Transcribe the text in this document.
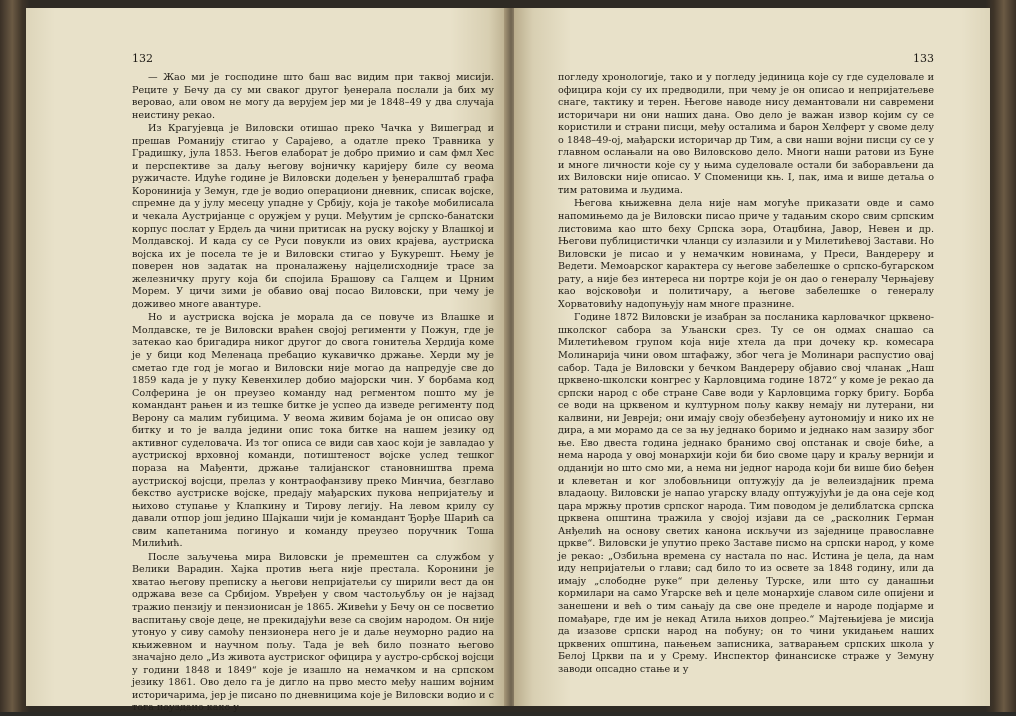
132

— Жао ми је господине што баш вас видим при таквој мисији. Реците у Бечу да су ми сваког другог ђенерала послали ја бих му веровао, али овом не могу да верујем јер ми је 1848–49 у два случаја неистину рекао.

Из Крагујевца је Виловски отишао преко Чачка у Вишеград и прешав Романију стигао у Сарајево, а одатле преко Травника у Градишку, јула 1853. Његов елаборат је добро примио и сам фмл Хес и перспективе за даљу његову војничку каријеру биле су веома ружичасте. Идуће године је Виловски додељен у ђенералштаб графа Коронинија у Земун, где је водио операциони дневник, списак војске, спремне да у јулу месецу упадне у Србију, која је такође мобилисала и чекала Аустријанце с оружјем у руци. Међутим је српско-банатски корпус послат у Ердељ да чини притисак на руску војску у Влашкој и Молдавској. И када су се Руси повукли из ових крајева, аустриска војска их је посела те је и Виловски стигао у Букурешт. Њему је поверен нов задатак на проналажењу најцелисходније трасе за железничку пругу која би спојила Брашову са Галцем и Црним Морем. У цичи зими је обавио овај посао Виловски, при чему је доживео многе авантуре.

Но и аустриска војска је морала да се повуче из Влашке и Молдавске, те је Виловски враћен својој регименти у Пожун, где је затекао као бригадира никог другог до свога гонитеља Хердија коме је у бици код Меленаца пребацио кукавичко држање. Херди му је сметао где год је могао и Виловски није могао да напредује све до 1859 када је у пуку Кевенхилер добио мајорски чин. У борбама код Солферина је он преузео команду над регментом пошто му је командант рањен и из тешке битке је успео да изведе регименту под Верону са малим губицима. У веома живим бојама је он описао ову битку и то је валда једини опис тока битке на нашем језику од активног суделовача. Из тог описа се види сав хаос који је завладао у аустриској врховној команди, потиштеност војске услед тешког пораза на Мађенти, држање талијанског становништва према аустриској војсци, прелаз у контраофанзиву преко Минчиа, безглаво бекство аустриске војске, предају мађарских пукова непријатељу и њихово ступање у Клапкину и Тирову легију. На левом крилу су давали отпор још једино Шајкаши чији је командант Ђорђе Шарић са свим капетанима погинуо и команду преузео поручник Тоша Милићић.

После заључења мира Виловски је премештен са службом у Велики Варадин. Хајка против њега није престала. Коронини је хватао његову преписку а његови непријатељи су ширили вест да он одржава везе са Србијом. Увређен у свом частољубљу он је најзад тражио пензију и пензионисан је 1865. Живећи у Бечу он се посветио васпитању своје деце, не прекидајући везе са својим народом. Он није утонуо у сиву самоћу пензионера него је и даље неуморно радио на књижевном и научном пољу. Тада је већ било познато његово значајно дело „Из живота аустриског официра у аустро-србској војсци у години 1848 и 1849“ које је изашло на немачком и на српском језику 1861. Ово дело га је дигло на прво место међу нашим војним историчарима, јер је писано по дневницима које је Виловски водио и с тога поуздано како у

133

погледу хронологије, тако и у погледу јединица које су где суделовале и официра који су их предводили, при чему је он описао и непријатељеве снаге, тактику и терен. Његове наводе нису демантовали ни савремени историчари ни они наших дана. Ово дело је важан извор којим су се користили и страни писци, међу осталима и барон Хелферт у своме делу о 1848–49-ој, мађарски историчар др Тим, а сви наши војни писци су се у главном ослањали на ово Виловсково дело. Многи наши ратови из Буне и многе личности које су у њима суделовале остали би заборављени да их Виловски није описао. У Споменици књ. I, пак, има и више детаља о тим ратовима и људима.

Његова књижевна дела није нам могуће приказати овде и само напомињемо да је Виловски писао приче у тадањим скоро свим српским листовима као што беху Српска зора, Отаџбина, Јавор, Невен и др. Његови публицистички чланци су излазили и у Милетићевој Застави. Но Виловски је писао и у немачким новинама, у Преси, Вандереру и Ведети. Мемоарског карактера су његове забелешке о српско-бугарском рату, а није без интереса ни портре који је он дао о генералу Черњајеву као војсковођи и политичару, а његове забелешке о генералу Хорватовићу надопуњују нам многе празнине.

Године 1872 Виловски је изабран за посланика карловачког црквено-школског сабора за Уљански срез. Ту се он одмах снашао са Милетићевом групом која није хтела да при дочеку кр. комесара Молинарија чини овом штафажу, због чега је Молинари распустио овај сабор. Тада је Виловски у бечком Вандереру објавио свој чланак „Наш црквено-школски конгрес у Карловцима године 1872“ у коме је рекао да српски народ с обе стране Саве води у Карловцима горку бригу. Борба се води на црквеном и културном пољу какву немају ни лутерани, ни калвини, ни Јевреји; они имају своју обезбеђену аутономију и нико их не дира, а ми морамо да се за њу једнако боримо и једнако нам зазиру због ње. Ево двеста година једнако бранимо свој опстанак и своје биће, а нема народа у овој монархији који би био своме цару и краљу вернији и одданији но што смо ми, а нема ни једног народа који би више био беђен и клеветан и ког злобовљници оптужују да је велеиздајник према владаоцу. Виловски је напао угарску владу оптужујући је да она сеје код цара мржњу против српског народа. Тим поводом је делиблатска српска црквена општина тражила у својој изјави да се „расколник Герман Анђелић на основу светих канона искључи из заједнице православне цркве“. Виловски је упутио преко Заставе писмо на српски народ, у коме је рекао: „Озбиљна времена су настала по нас. Истина је цела, да нам иду непријатељи о глави; сад било то из освете за 1848 годину, или да имају „слободне руке“ при деленьу Турске, или што су данашњи кормилари на само Угарске већ и целе монархије славом силе опијени и занешени и већ о тим сањају да све оне пределе и народе подјарме и помађаре, где им је некад Атила њихов допрео.“ Мајтењијева је мисија да изазове српски народ на побуну; он то чини укидањем наших црквених општина, пањењем записника, затварањем српских школа у Белој Цркви па и у Срему. Инспектор финансиске страже у Земуну заводи опсадно стање и у
